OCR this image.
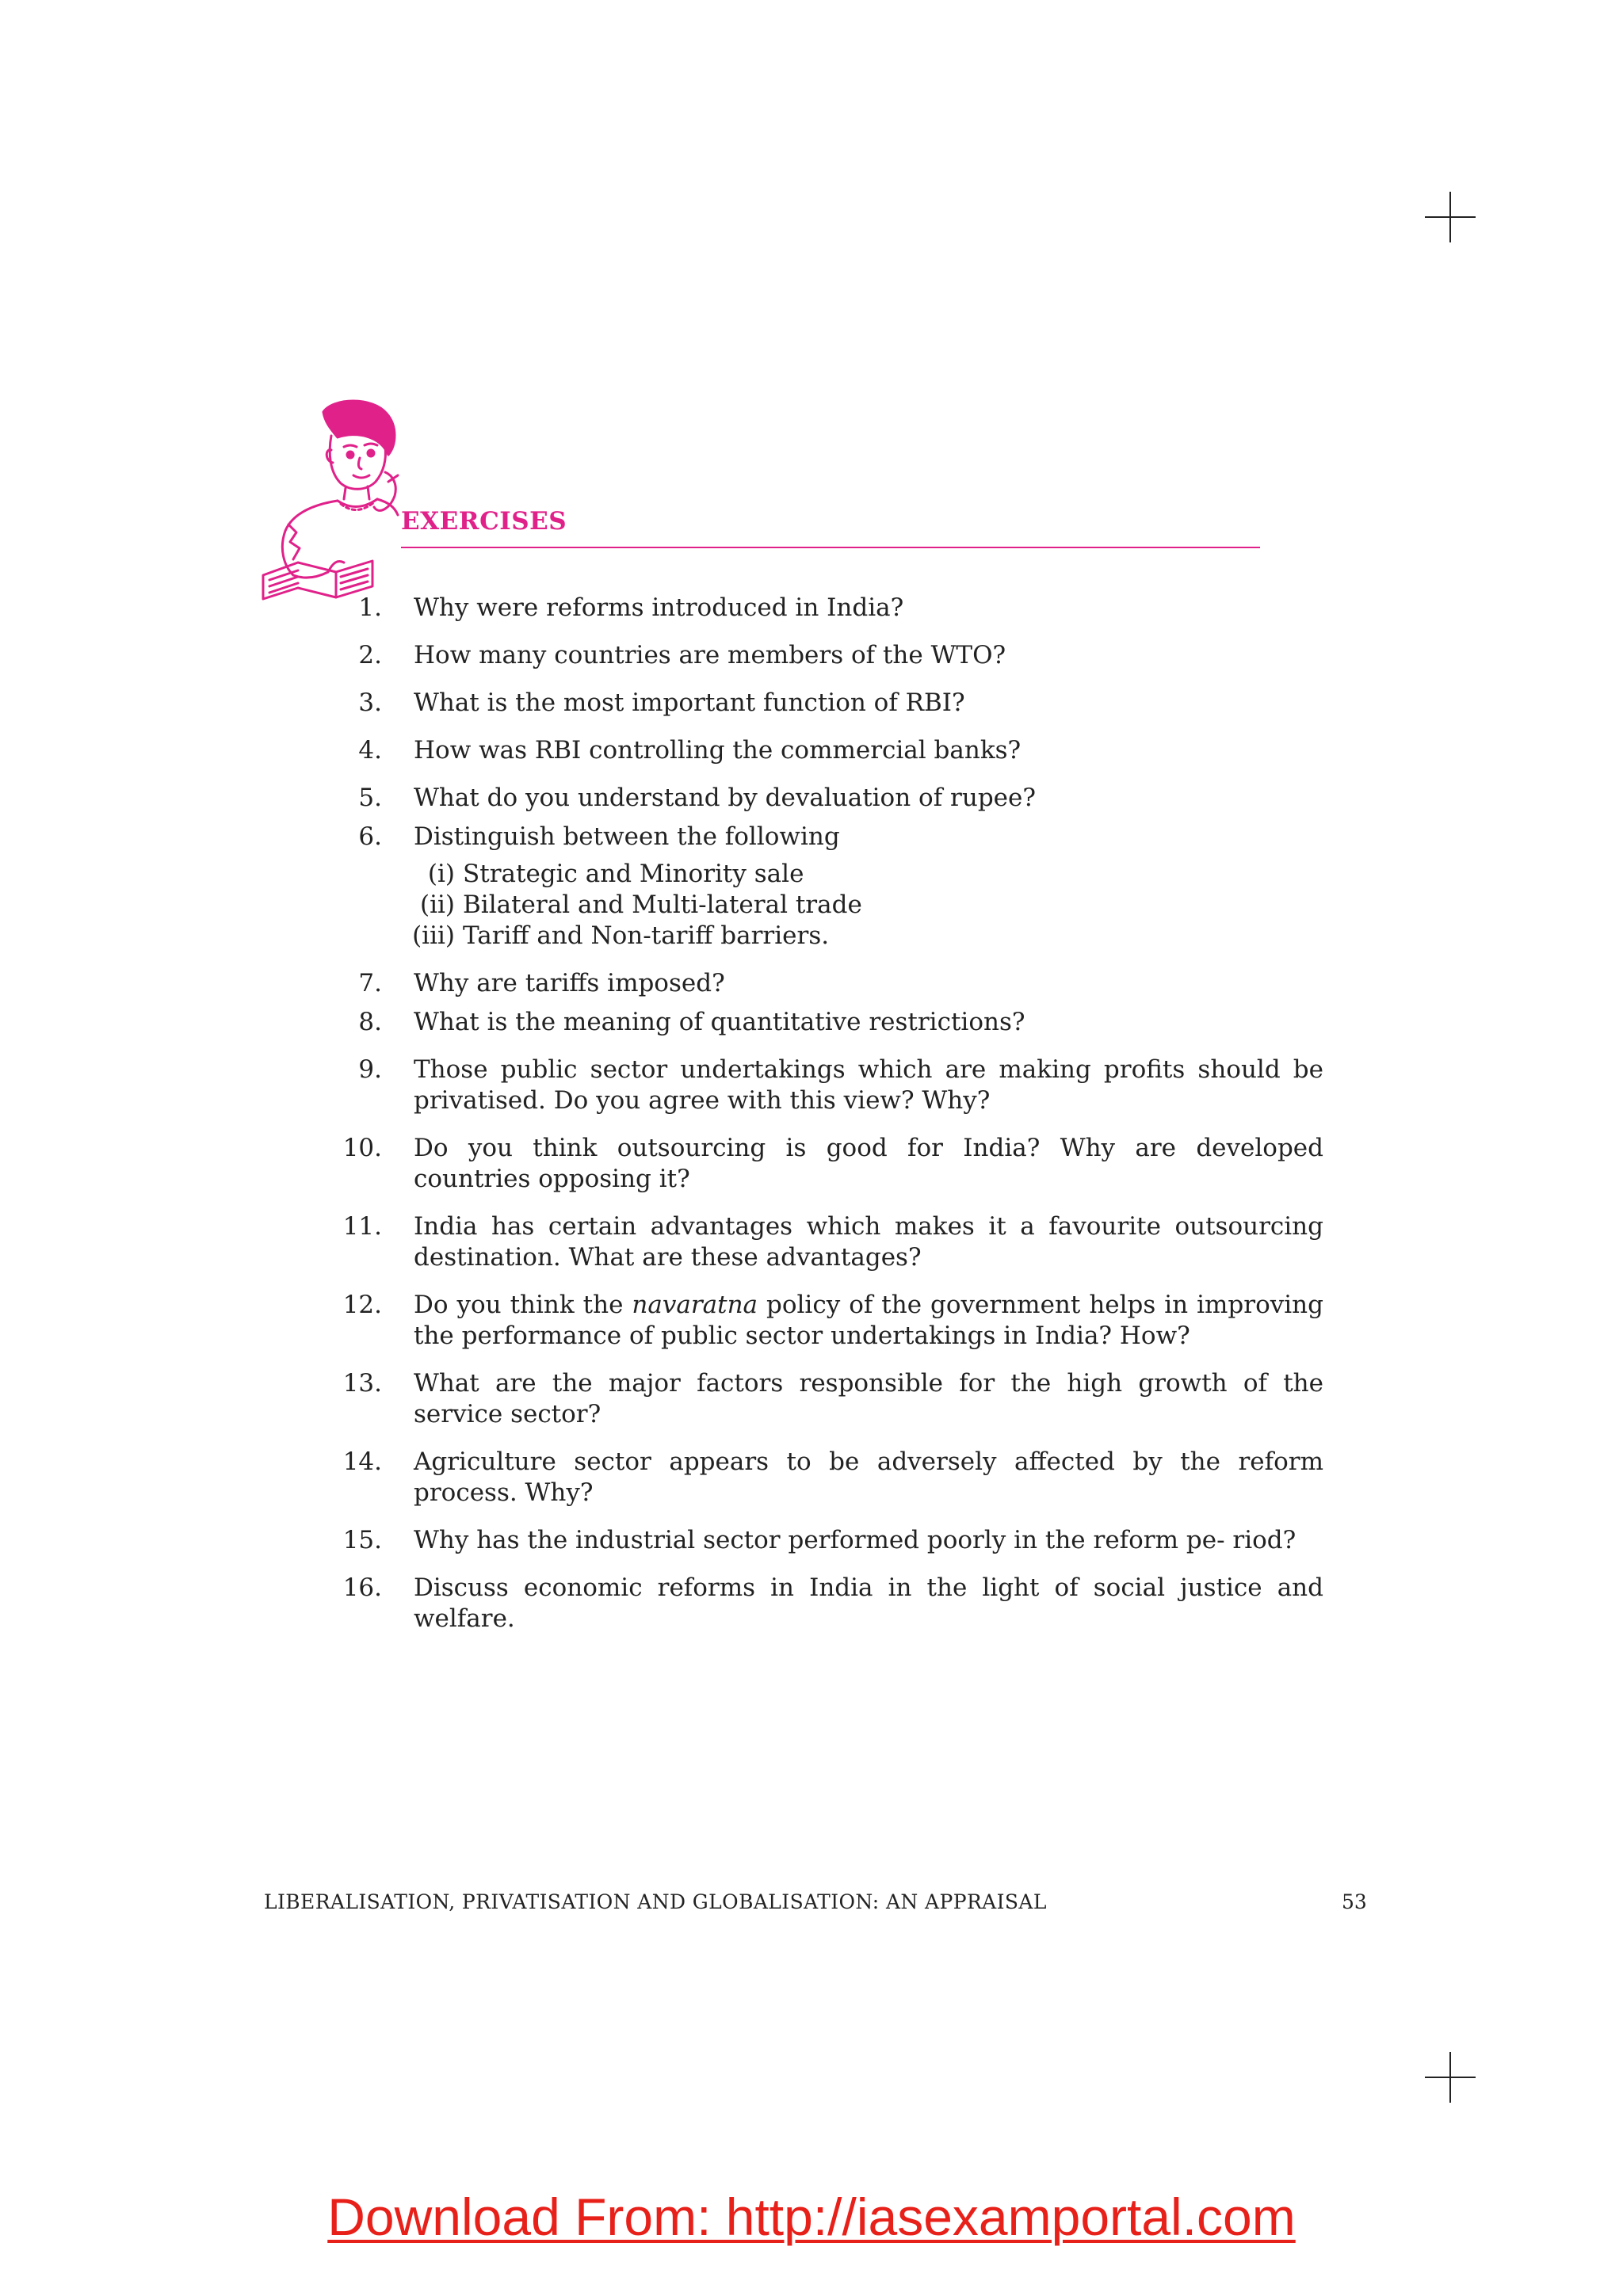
EXERCISES
1. Why were reforms introduced in India?
2. How many countries are members of the WTO?
3. What is the most important function of RBI?
4. How was RBI controlling the commercial banks?
5. What do you understand by devaluation of rupee?
6. Distinguish between the following
(i) Strategic and Minority sale
(ii) Bilateral and Multi-lateral trade
(iii) Tariff and Non-tariff barriers.
7. Why are tariffs imposed?
8. What is the meaning of quantitative restrictions?
9. Those public sector undertakings which are making profits should be privatised. Do you agree with this view? Why?
10. Do you think outsourcing is good for India? Why are developed countries opposing it?
11. India has certain advantages which makes it a favourite outsourcing destination. What are these advantages?
12. Do you think the navaratna policy of the government helps in improving the performance of public sector undertakings in India? How?
13. What are the major factors responsible for the high growth of the service sector?
14. Agriculture sector appears to be adversely affected by the reform process. Why?
15. Why has the industrial sector performed poorly in the reform pe- riod?
16. Discuss economic reforms in India in the light of social justice and welfare.
LIBERALISATION, PRIVATISATION AND GLOBALISATION: AN APPRAISAL	53
Download From: http://iasexamportal.com
